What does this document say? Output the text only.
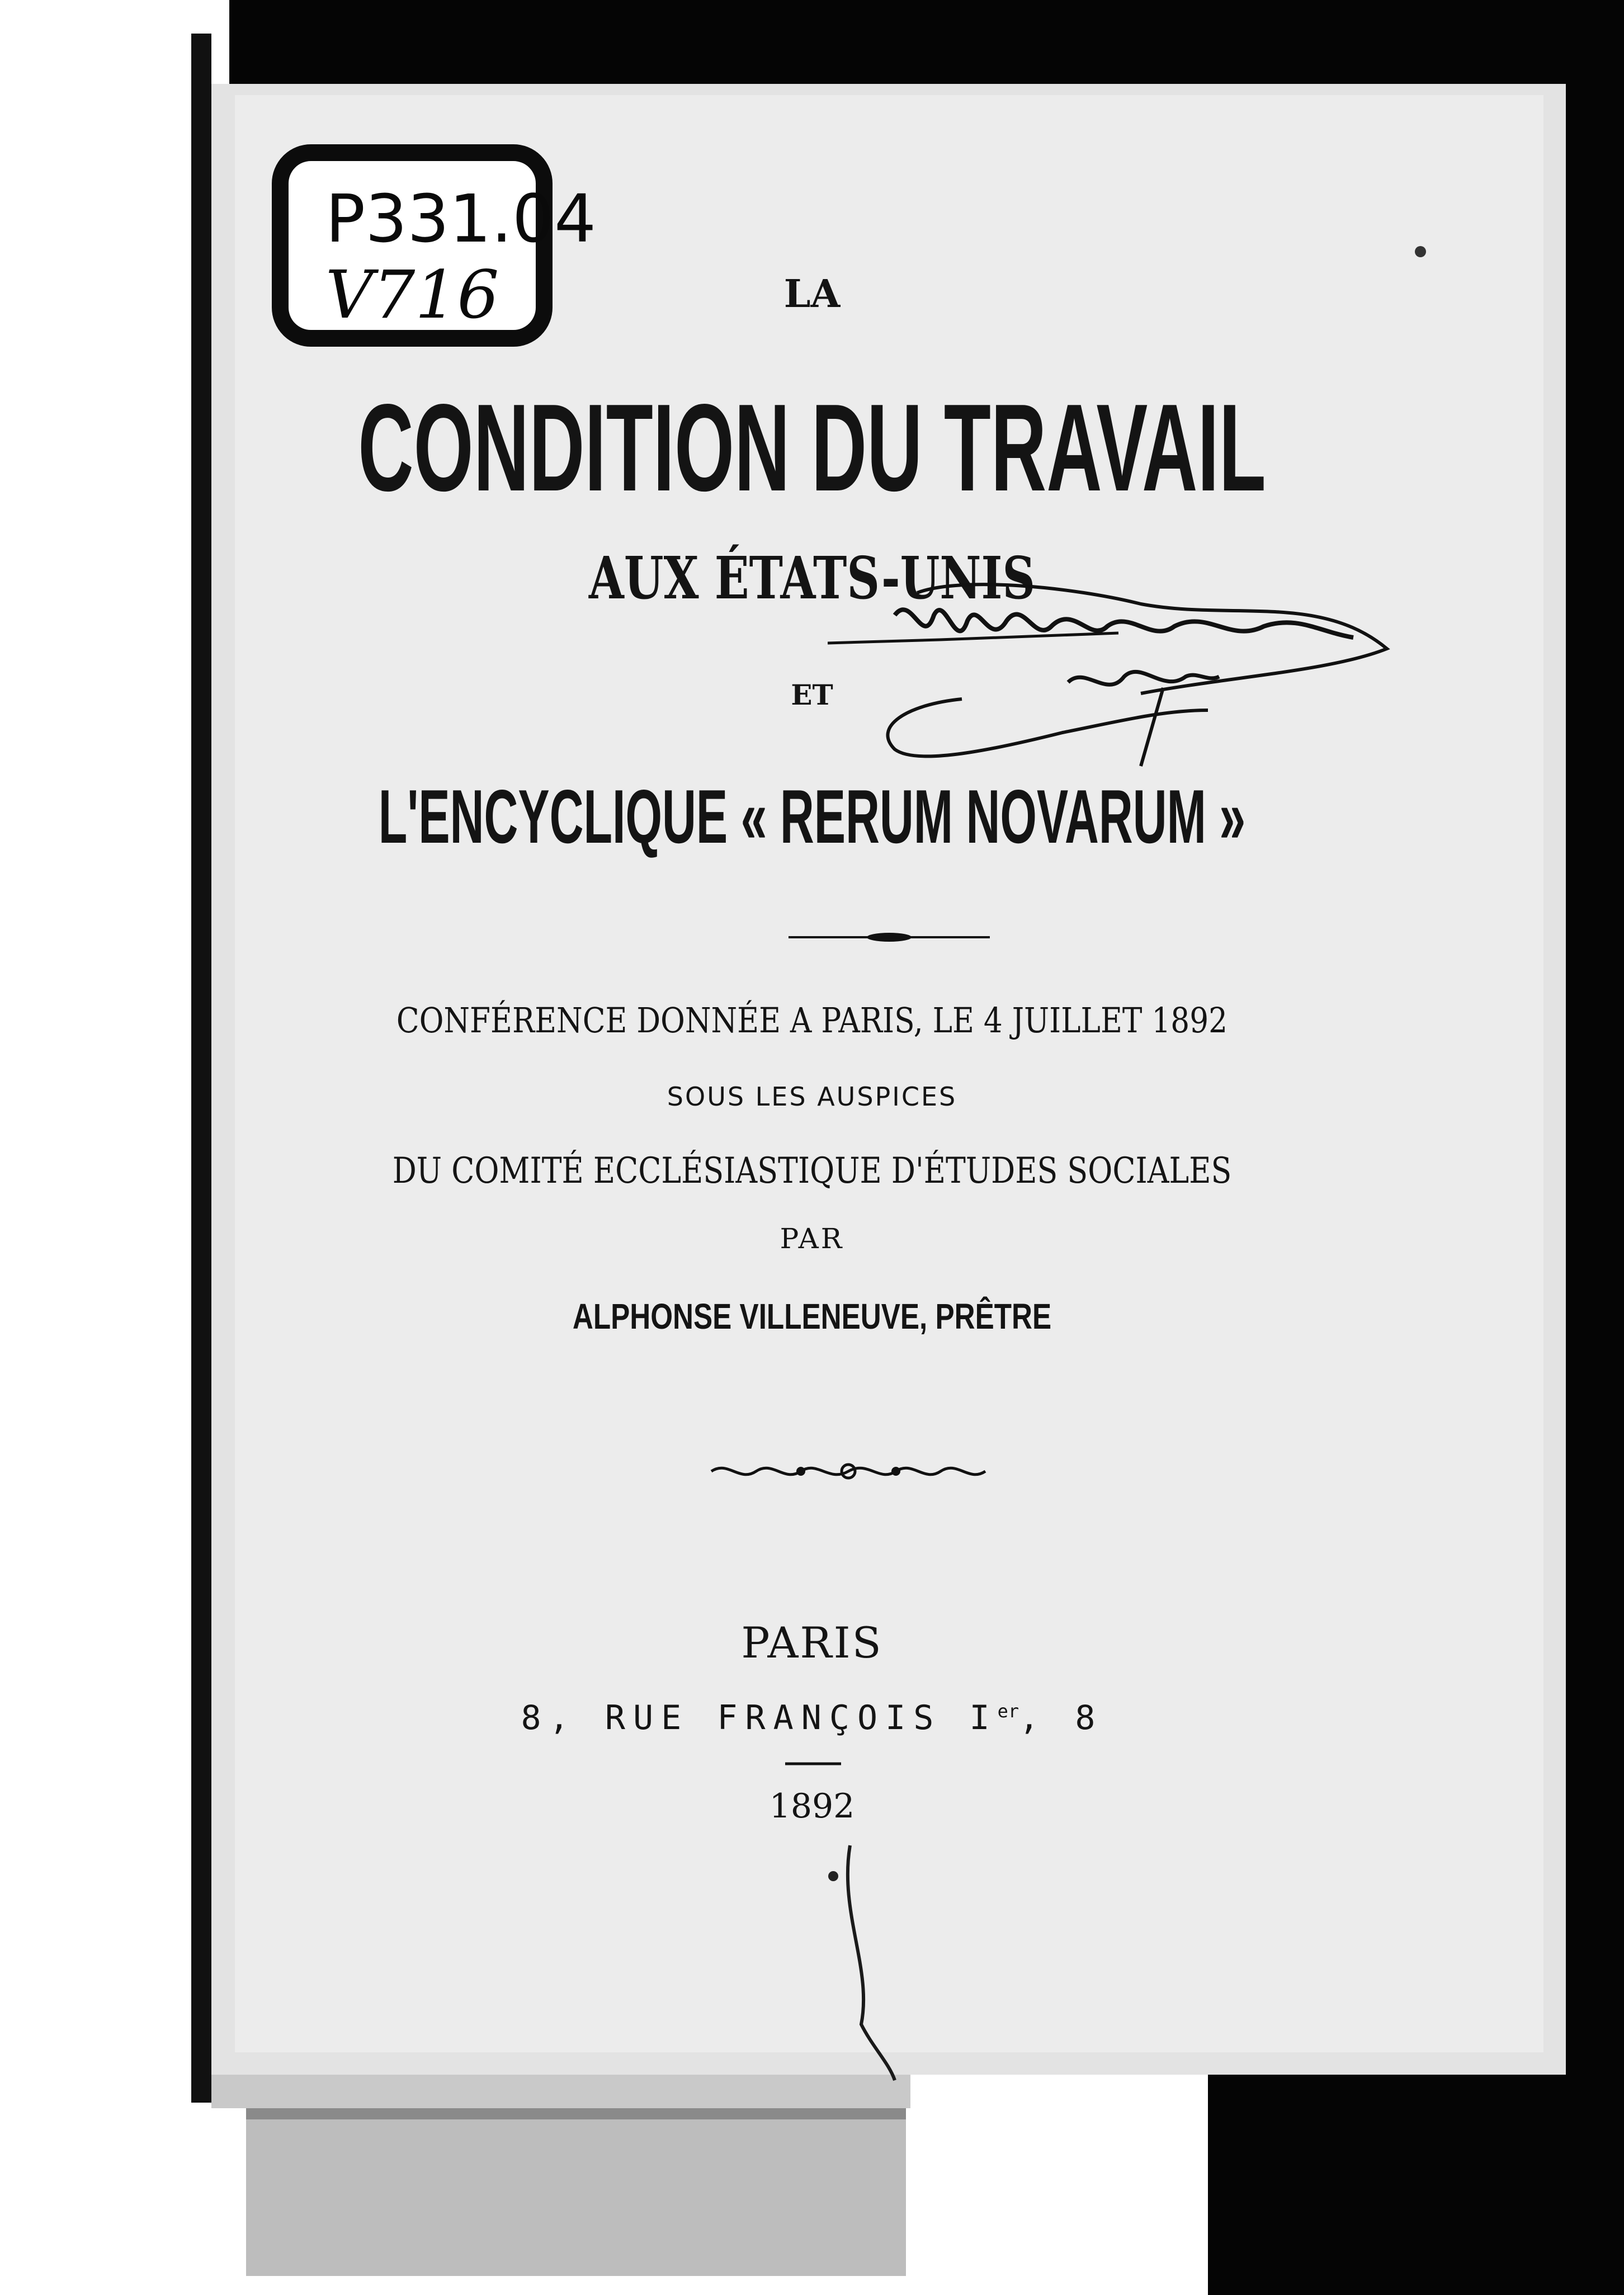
P331.04

V716	LA

CONDITION DU TRAVAIL

AUX ÉTATS-UNIS

ET

L'ENCYCLIQUE « RERUM NOVARUM »

CONFÉRENCE DONNÉE A PARIS, LE 4 JUILLET 1892

SOUS LES AUSPICES

DU COMITÉ ECCLÉSIASTIQUE D'ÉTUDES SOCIALES

PAR

ALPHONSE VILLENEUVE, PRÊTRE

PARIS

8, RUE FRANÇOIS Ier, 8

1892
